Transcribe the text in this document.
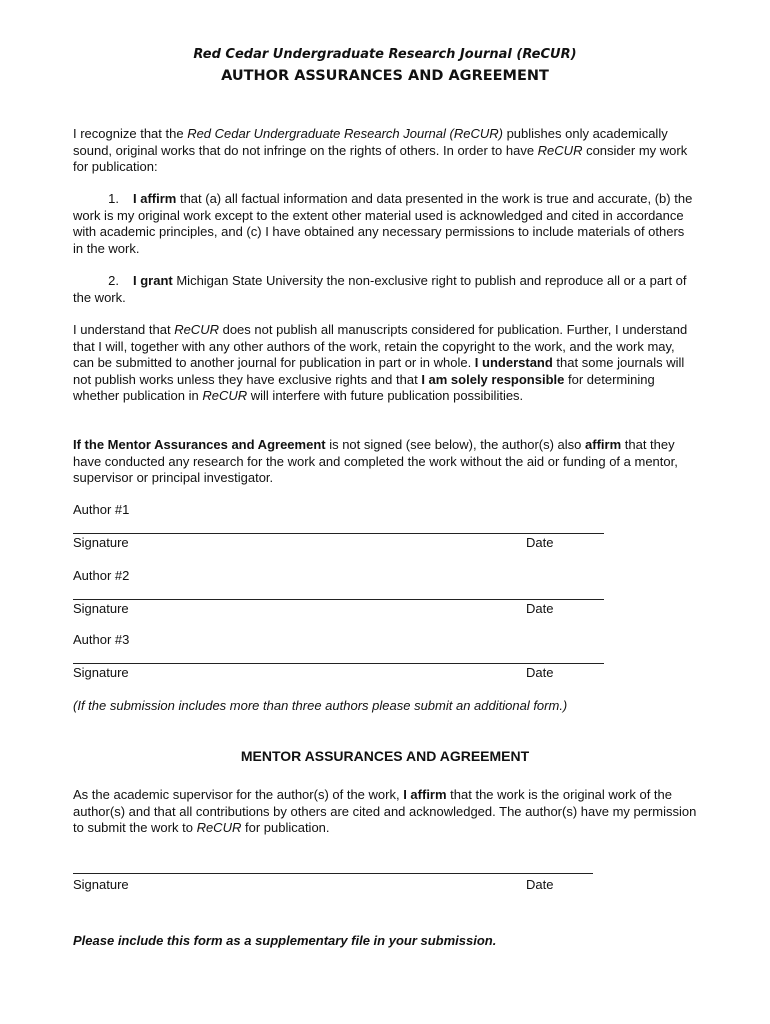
Red Cedar Undergraduate Research Journal (ReCUR)
AUTHOR ASSURANCES AND AGREEMENT

I recognize that the Red Cedar Undergraduate Research Journal (ReCUR) publishes only academically sound, original works that do not infringe on the rights of others. In order to have ReCUR consider my work for publication:

1. I affirm that (a) all factual information and data presented in the work is true and accurate, (b) the work is my original work except to the extent other material used is acknowledged and cited in accordance with academic principles, and (c) I have obtained any necessary permissions to include materials of others in the work.

2. I grant Michigan State University the non-exclusive right to publish and reproduce all or a part of the work.

I understand that ReCUR does not publish all manuscripts considered for publication. Further, I understand that I will, together with any other authors of the work, retain the copyright to the work, and the work may, can be submitted to another journal for publication in part or in whole. I understand that some journals will not publish works unless they have exclusive rights and that I am solely responsible for determining whether publication in ReCUR will interfere with future publication possibilities.

If the Mentor Assurances and Agreement is not signed (see below), the author(s) also affirm that they have conducted any research for the work and completed the work without the aid or funding of a mentor, supervisor or principal investigator.

Author #1
Signature	Date
Author #2
Signature	Date
Author #3
Signature	Date
(If the submission includes more than three authors please submit an additional form.)
MENTOR ASSURANCES AND AGREEMENT

As the academic supervisor for the author(s) of the work, I affirm that the work is the original work of the author(s) and that all contributions by others are cited and acknowledged. The author(s) have my permission to submit the work to ReCUR for publication.

Signature	Date
Please include this form as a supplementary file in your submission.
